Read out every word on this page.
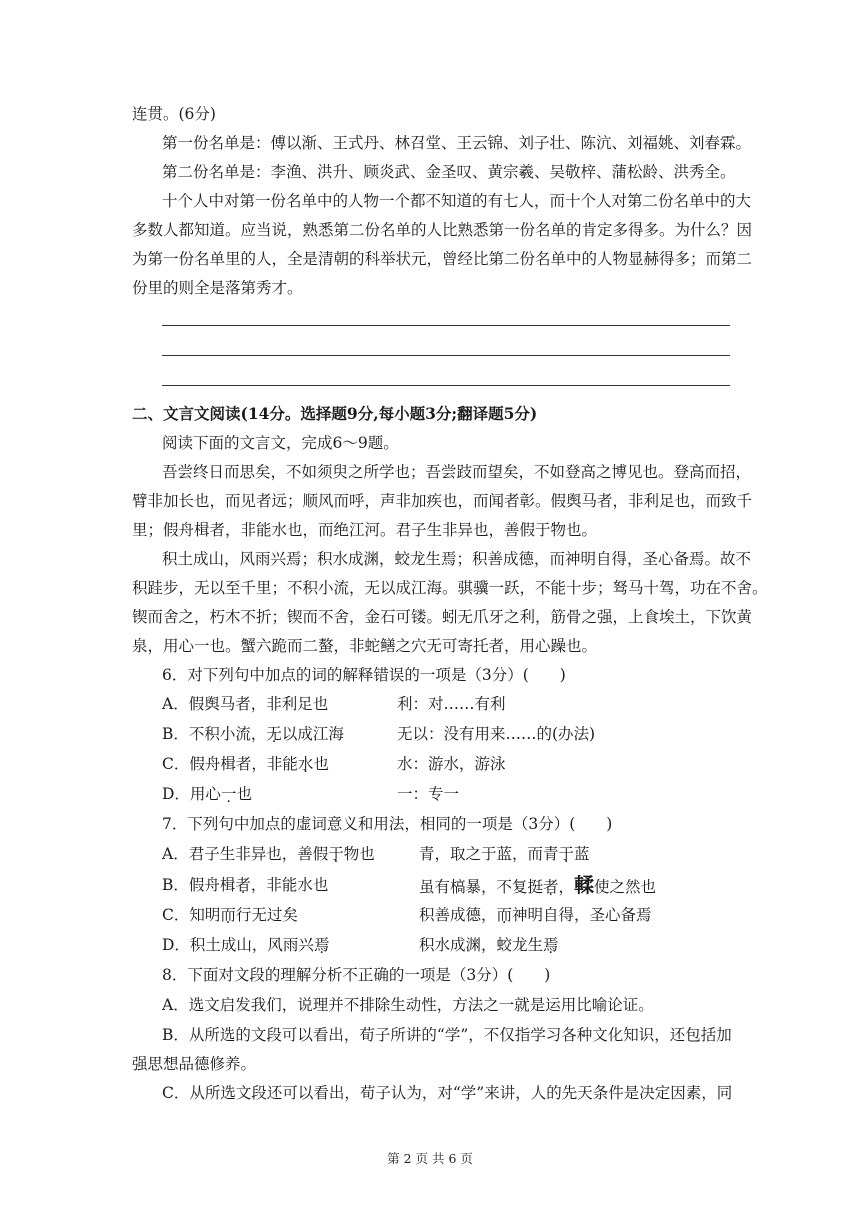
连贯。(6分)
第一份名单是：傅以渐、王式丹、林召堂、王云锦、刘子壮、陈沆、刘福姚、刘春霖。
第二份名单是：李渔、洪升、顾炎武、金圣叹、黄宗羲、吴敬梓、蒲松龄、洪秀全。
十个人中对第一份名单中的人物一个都不知道的有七人，而十个人对第二份名单中的大
多数人都知道。应当说，熟悉第二份名单的人比熟悉第一份名单的肯定多得多。为什么？因
为第一份名单里的人，全是清朝的科举状元，曾经比第二份名单中的人物显赫得多；而第二
份里的则全是落第秀才。
二、文言文阅读(14分。选择题9分,每小题3分;翻译题5分)
阅读下面的文言文，完成6～9题。
吾尝终日而思矣，不如须臾之所学也；吾尝跂而望矣，不如登高之博见也。登高而招，
臂非加长也，而见者远；顺风而呼，声非加疾也，而闻者彰。假舆马者，非利足也，而致千
里；假舟楫者，非能水也，而绝江河。君子生非异也，善假于物也。
积土成山，风雨兴焉；积水成渊，蛟龙生焉；积善成德，而神明自得，圣心备焉。故不
积跬步，无以至千里；不积小流，无以成江海。骐骥一跃，不能十步；驽马十驾，功在不舍。
锲而舍之，朽木不折；锲而不舍，金石可镂。蚓无爪牙之利，筋骨之强，上食埃土，下饮黄
泉，用心一也。蟹六跪而二螯，非蛇鳝之穴无可寄托者，用心躁也。
6．对下列句中加点的词的解释错误的一项是（3分）(　　)
A．假舆马者，非利足也	利：对……有利
B．不积小流，无以成江海	无以：没有用来……的(办法)
C．假舟楫者，非能水也	水：游水，游泳
D．用心一也	一：专一
7．下列句中加点的虚词意义和用法，相同的一项是（3分）(　　)
A．君子生非异也，善假于物也	青，取之于蓝，而青于蓝
B．假舟楫者，非能水也	虽有槁暴，不复挺者，輮使之然也
C．知明而行无过矣	积善成德，而神明自得，圣心备焉
D．积土成山，风雨兴焉	积水成渊，蛟龙生焉
8．下面对文段的理解分析不正确的一项是（3分）(　　)
A．选文启发我们，说理并不排除生动性，方法之一就是运用比喻论证。
B．从所选的文段可以看出，荀子所讲的“学”，不仅指学习各种文化知识，还包括加
强思想品德修养。
C．从所选文段还可以看出，荀子认为，对“学”来讲，人的先天条件是决定因素，同
第 2 页 共 6 页
